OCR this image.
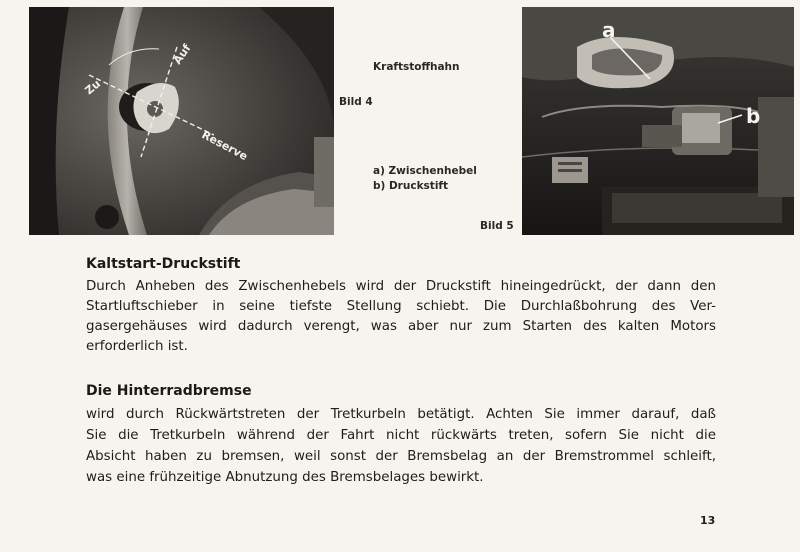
Auf
Zu
Reserve
a
b
Kraftstoffhahn
Bild 4
a) Zwischenhebel
b) Druckstift
Bild 5
Kaltstart-Druckstift
Durch Anheben des Zwischenhebels wird der Druckstift hineingedrückt, der dann den
Startluftschieber in seine tiefste Stellung schiebt. Die Durchlaßbohrung des Ver-
gasergehäuses wird dadurch verengt, was aber nur zum Starten des kalten Motors
erforderlich ist.
Die Hinterradbremse
wird durch Rückwärtstreten der Tretkurbeln betätigt. Achten Sie immer darauf, daß
Sie die Tretkurbeln während der Fahrt nicht rückwärts treten, sofern Sie nicht die
Absicht haben zu bremsen, weil sonst der Bremsbelag an der Bremstrommel schleift,
was eine frühzeitige Abnutzung des Bremsbelages bewirkt.
13
